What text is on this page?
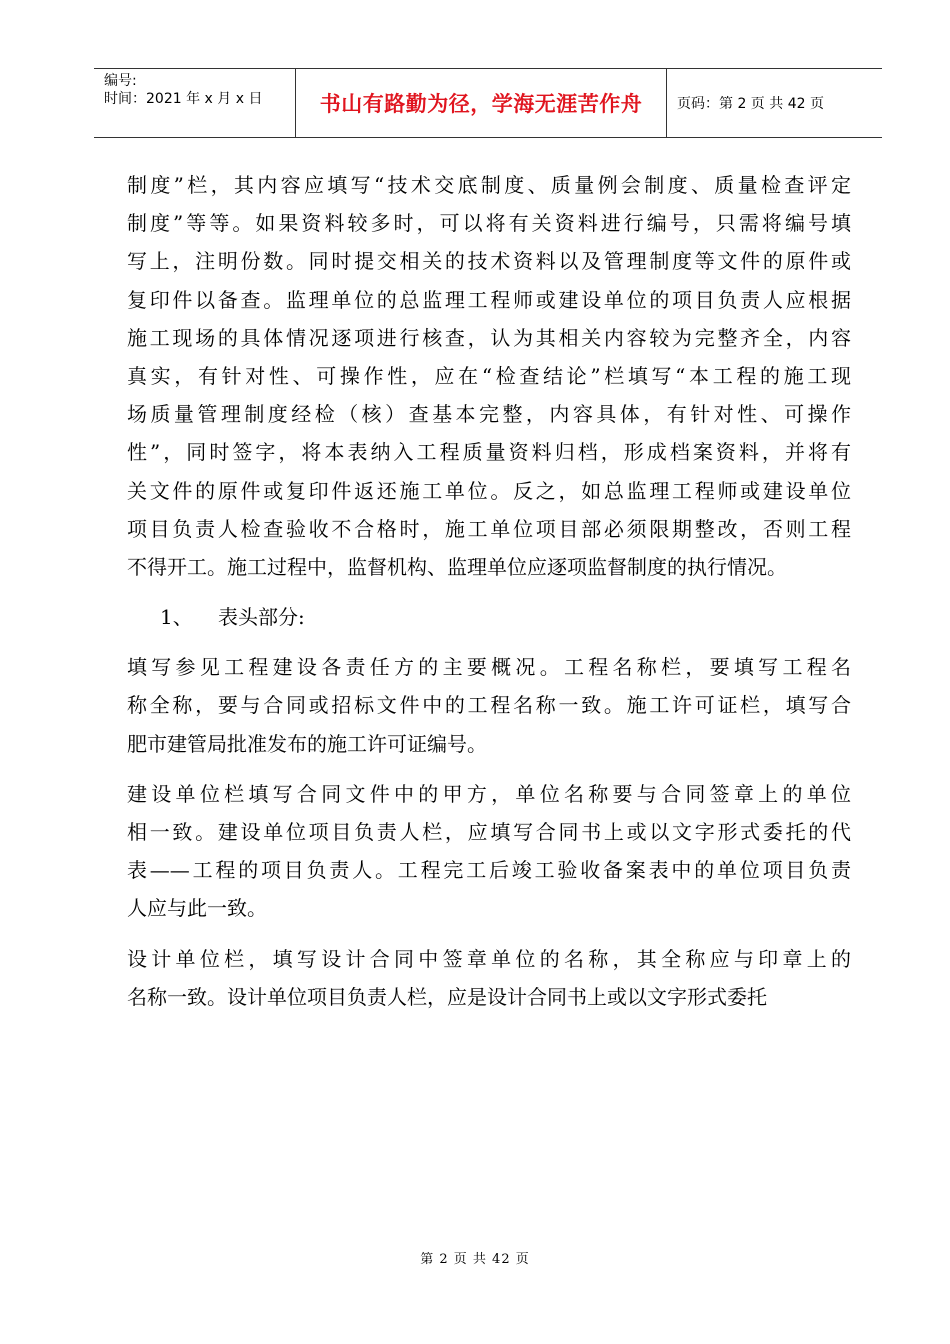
编号:
时间：2021 年 x 月 x 日	书山有路勤为径，学海无涯苦作舟 页码：第 2 页 共 42 页
制度”栏，其内容应填写“技术交底制度、质量例会制度、质量检查评定
制度”等等。如果资料较多时，可以将有关资料进行编号，只需将编号填
写上，注明份数。同时提交相关的技术资料以及管理制度等文件的原件或
复印件以备查。监理单位的总监理工程师或建设单位的项目负责人应根据
施工现场的具体情况逐项进行核查，认为其相关内容较为完整齐全，内容
真实，有针对性、可操作性，应在“检查结论”栏填写“本工程的施工现
场质量管理制度经检（核）查基本完整，内容具体，有针对性、可操作
性”，同时签字，将本表纳入工程质量资料归档，形成档案资料，并将有
关文件的原件或复印件返还施工单位。反之，如总监理工程师或建设单位
项目负责人检查验收不合格时，施工单位项目部必须限期整改，否则工程
不得开工。施工过程中，监督机构、监理单位应逐项监督制度的执行情况。
1、 表头部分:
填写参见工程建设各责任方的主要概况。工程名称栏，要填写工程名
称全称，要与合同或招标文件中的工程名称一致。施工许可证栏，填写合
肥市建管局批准发布的施工许可证编号。
建设单位栏填写合同文件中的甲方，单位名称要与合同签章上的单位
相一致。建设单位项目负责人栏，应填写合同书上或以文字形式委托的代
表——工程的项目负责人。工程完工后竣工验收备案表中的单位项目负责
人应与此一致。
设计单位栏，填写设计合同中签章单位的名称，其全称应与印章上的
名称一致。设计单位项目负责人栏，应是设计合同书上或以文字形式委托
第 2 页 共 42 页
